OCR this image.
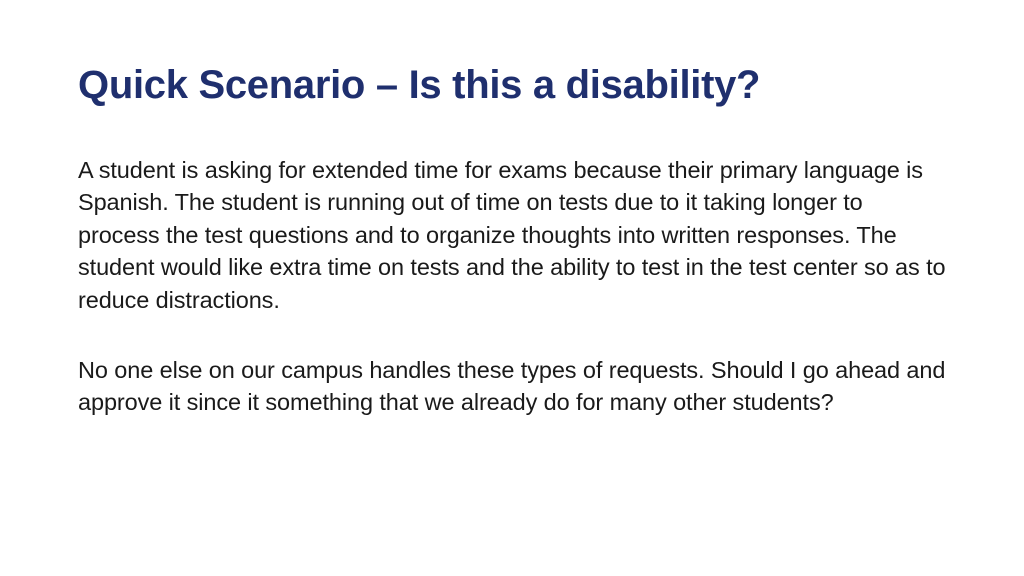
Quick Scenario – Is this a disability?

A student is asking for extended time for exams because their primary language is Spanish. The student is running out of time on tests due to it taking longer to process the test questions and to organize thoughts into written responses. The student would like extra time on tests and the ability to test in the test center so as to reduce distractions.

No one else on our campus handles these types of requests. Should I go ahead and approve it since it something that we already do for many other students?
